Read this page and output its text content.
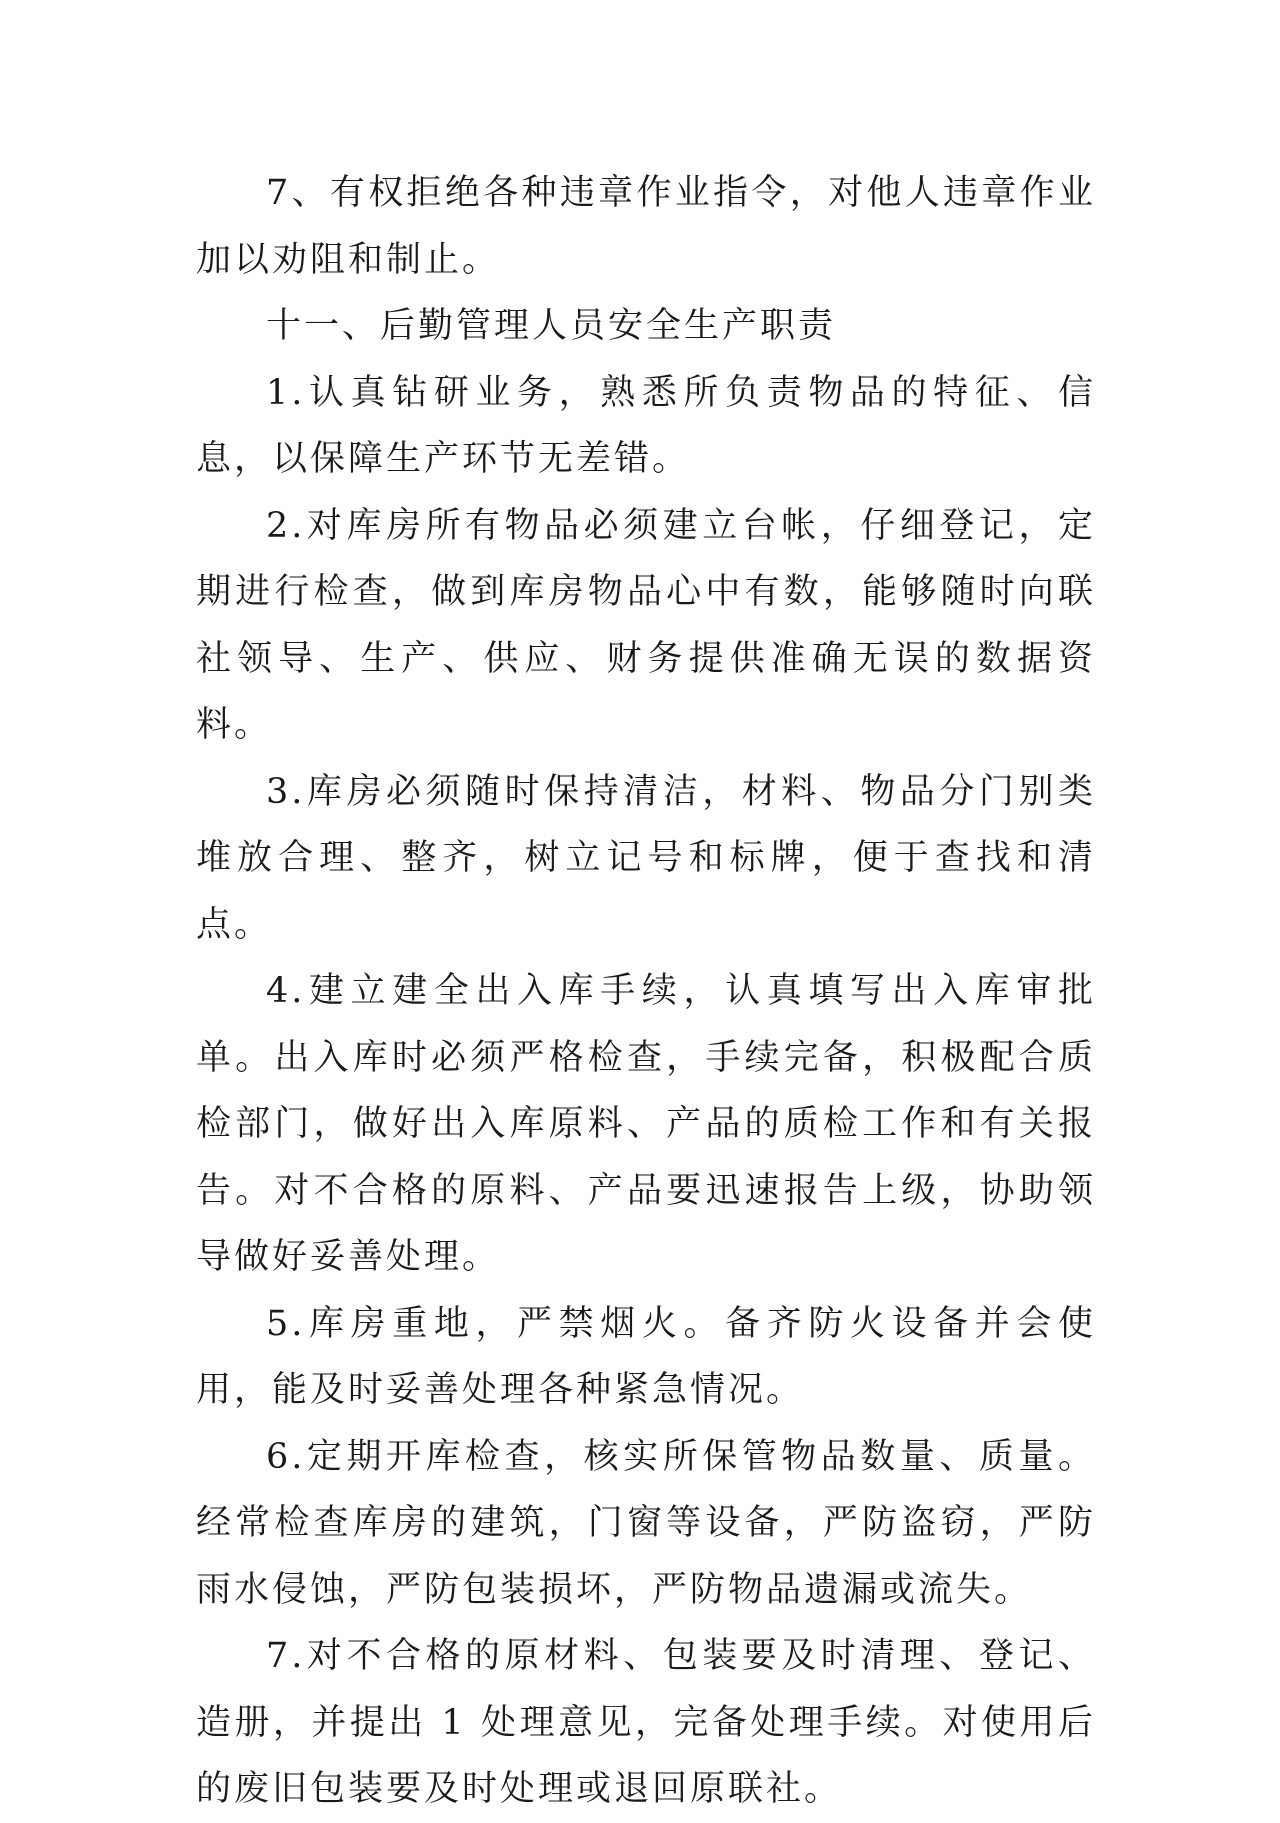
7、有权拒绝各种违章作业指令，对他人违章作业加以劝阻和制止。

十一、后勤管理人员安全生产职责

1.认真钻研业务，熟悉所负责物品的特征、信息，以保障生产环节无差错。

2.对库房所有物品必须建立台帐，仔细登记，定期进行检查，做到库房物品心中有数，能够随时向联社领导、生产、供应、财务提供准确无误的数据资料。

3.库房必须随时保持清洁，材料、物品分门别类堆放合理、整齐，树立记号和标牌，便于查找和清点。

4.建立建全出入库手续，认真填写出入库审批单。出入库时必须严格检查，手续完备，积极配合质检部门，做好出入库原料、产品的质检工作和有关报告。对不合格的原料、产品要迅速报告上级，协助领导做好妥善处理。

5.库房重地，严禁烟火。备齐防火设备并会使用，能及时妥善处理各种紧急情况。

6.定期开库检查，核实所保管物品数量、质量。经常检查库房的建筑，门窗等设备，严防盗窃，严防雨水侵蚀，严防包装损坏，严防物品遗漏或流失。

7.对不合格的原材料、包装要及时清理、登记、造册，并提出 1 处理意见，完备处理手续。对使用后的废旧包装要及时处理或退回原联社。
